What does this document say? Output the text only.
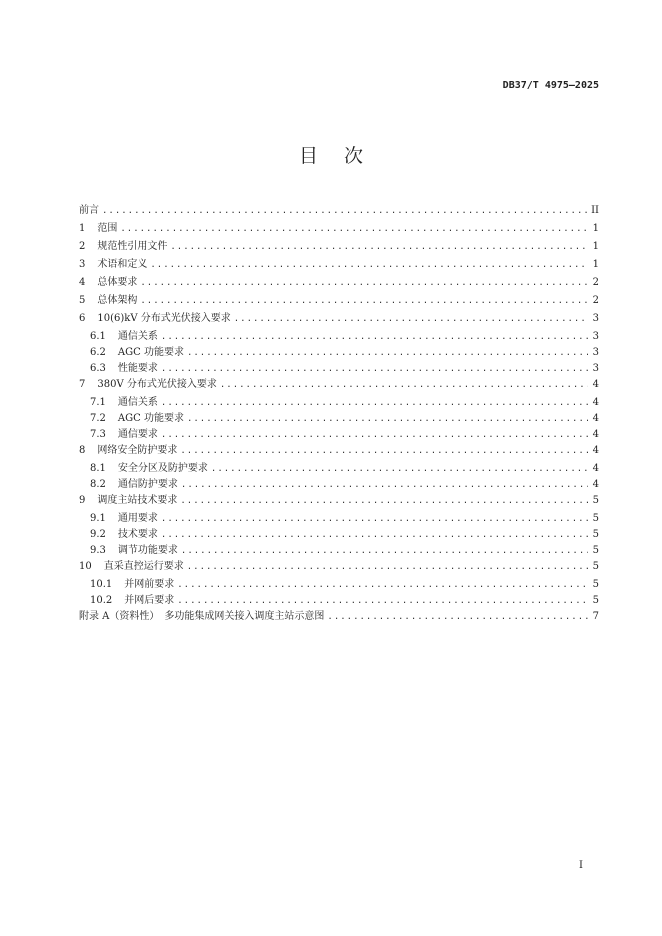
DB37/T 4975—2025
目次
前言 .....	II
1 范围 .....	1
2 规范性引用文件 .....	1
3 术语和定义 .....	1
4 总体要求 .....	2
5 总体架构 .....	2
6 10(6)kV 分布式光伏接入要求 .....	3
6.1 通信关系 .....	3
6.2 AGC 功能要求 .....	3
6.3 性能要求 .....	3
7 380V 分布式光伏接入要求 .....	4
7.1 通信关系 .....	4
7.2 AGC 功能要求 .....	4
7.3 通信要求 .....	4
8 网络安全防护要求 .....	4
8.1 安全分区及防护要求 .....	4
8.2 通信防护要求 .....	4
9 调度主站技术要求 .....	5
9.1 通用要求 .....	5
9.2 技术要求 .....	5
9.3 调节功能要求 .....	5
10 直采直控运行要求 .....	5
10.1 并网前要求 .....	5
10.2 并网后要求 .....	5
附录 A（资料性）　多功能集成网关接入调度主站示意图 .....	7
I
